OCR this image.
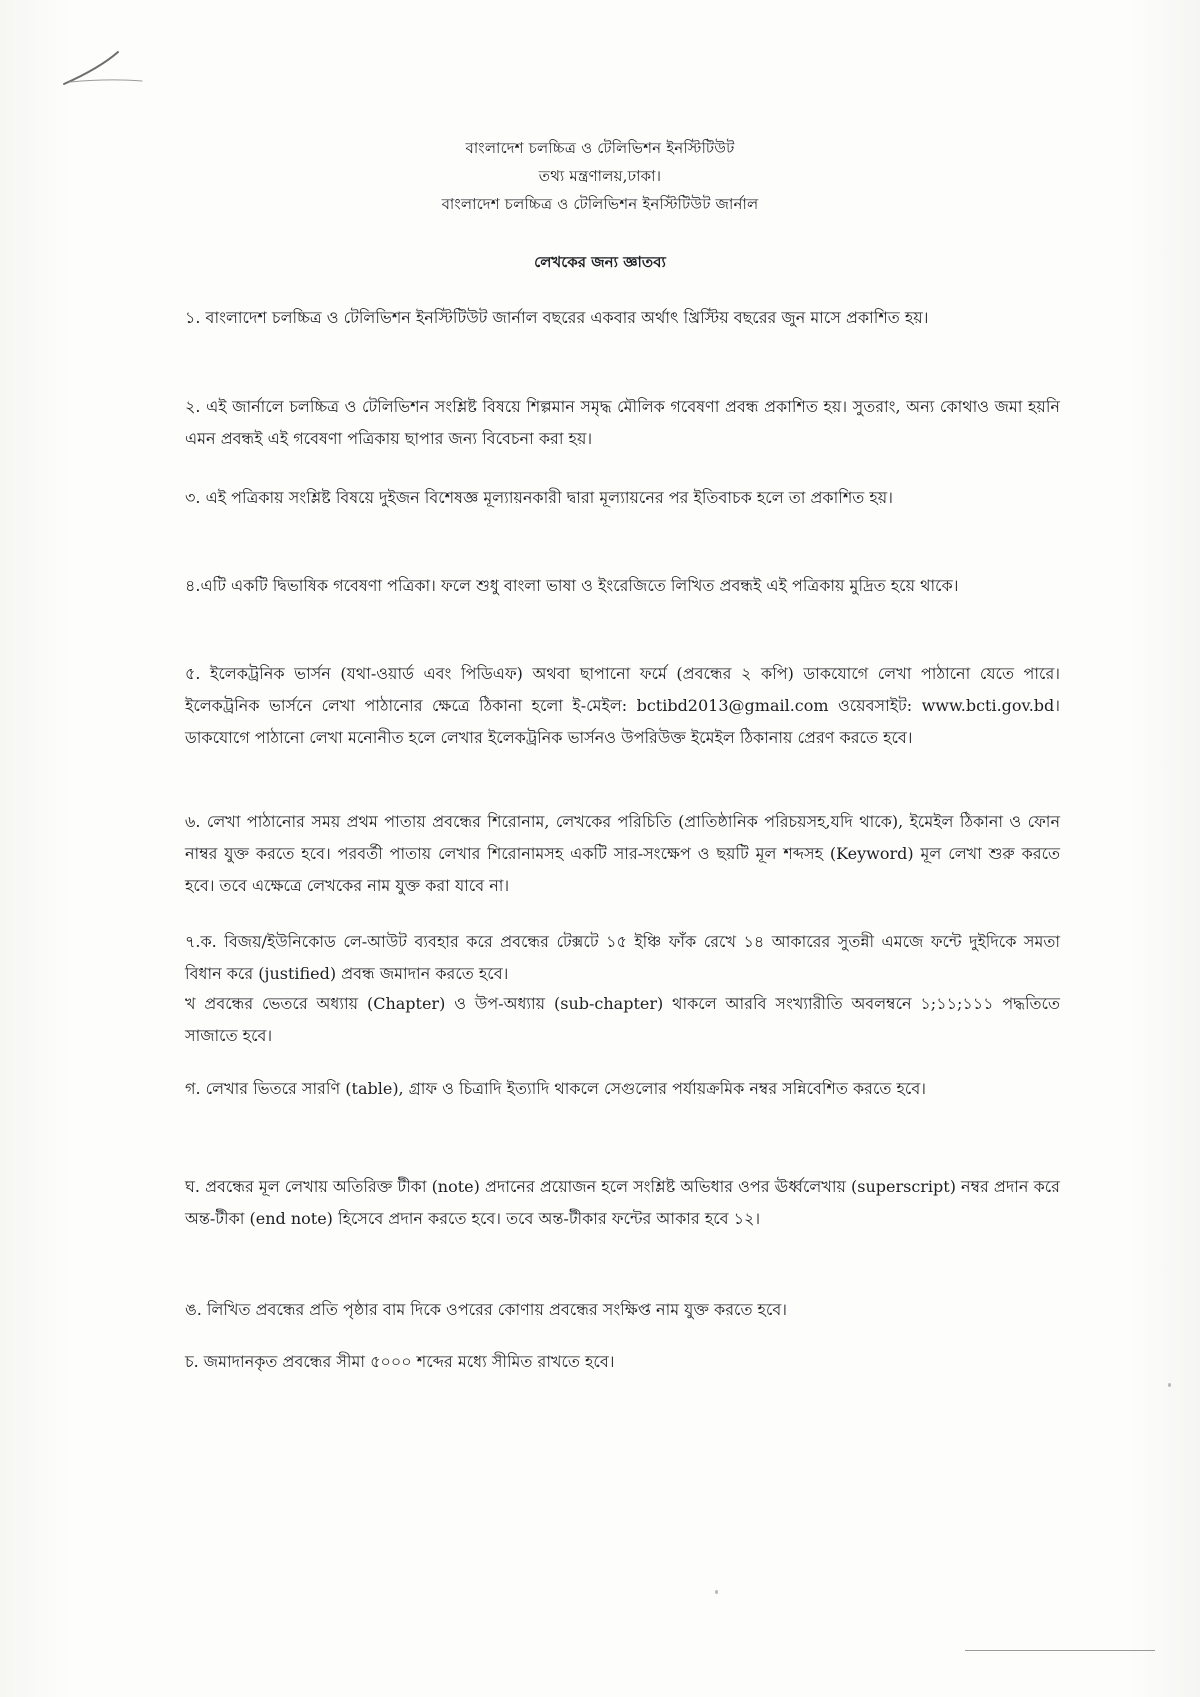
বাংলাদেশ চলচ্চিত্র ও টেলিভিশন ইনস্টিটিউট
তথ্য মন্ত্রণালয়,ঢাকা।
বাংলাদেশ চলচ্চিত্র ও টেলিভিশন ইনস্টিটিউট জার্নাল
লেখকের জন্য জ্ঞাতব্য
১. বাংলাদেশ চলচ্চিত্র ও টেলিভিশন ইনস্টিটিউট জার্নাল বছরের একবার অর্থাৎ খ্রিস্টিয় বছরের জুন মাসে প্রকাশিত হয়।
২. এই জার্নালে চলচ্চিত্র ও টেলিভিশন সংশ্লিষ্ট বিষয়ে শিল্পমান সমৃদ্ধ মৌলিক গবেষণা প্রবন্ধ প্রকাশিত হয়। সুতরাং, অন্য কোথাও জমা হয়নি এমন প্রবন্ধই এই গবেষণা পত্রিকায় ছাপার জন্য বিবেচনা করা হয়।
৩. এই পত্রিকায় সংশ্লিষ্ট বিষয়ে দুইজন বিশেষজ্ঞ মূল্যায়নকারী দ্বারা মূল্যায়নের পর ইতিবাচক হলে তা প্রকাশিত হয়।
৪.এটি একটি দ্বিভাষিক গবেষণা পত্রিকা। ফলে শুধু বাংলা ভাষা ও ইংরেজিতে লিখিত প্রবন্ধই এই পত্রিকায় মুদ্রিত হয়ে থাকে।
৫. ইলেকট্রনিক ভার্সন (যথা-ওয়ার্ড এবং পিডিএফ) অথবা ছাপানো ফর্মে (প্রবন্ধের ২ কপি) ডাকযোগে লেখা পাঠানো যেতে পারে। ইলেকট্রনিক ভার্সনে লেখা পাঠানোর ক্ষেত্রে ঠিকানা হলো ই-মেইল: bctibd2013@gmail.com ওয়েবসাইট: www.bcti.gov.bd। ডাকযোগে পাঠানো লেখা মনোনীত হলে লেখার ইলেকট্রনিক ভার্সনও উপরিউক্ত ইমেইল ঠিকানায় প্রেরণ করতে হবে।
৬. লেখা পাঠানোর সময় প্রথম পাতায় প্রবন্ধের শিরোনাম, লেখকের পরিচিতি (প্রাতিষ্ঠানিক পরিচয়সহ,যদি থাকে), ইমেইল ঠিকানা ও ফোন নাম্বর যুক্ত করতে হবে। পরবর্তী পাতায় লেখার শিরোনামসহ একটি সার-সংক্ষেপ ও ছয়টি মূল শব্দসহ (Keyword) মূল লেখা শুরু করতে হবে। তবে এক্ষেত্রে লেখকের নাম যুক্ত করা যাবে না।
৭.ক. বিজয়/ইউনিকোড লে-আউট ব্যবহার করে প্রবন্ধের টেক্সটে ১৫ ইঞ্চি ফাঁক রেখে ১৪ আকারের সুতন্নী এমজে ফন্টে দুইদিকে সমতা বিধান করে (justified) প্রবন্ধ জমাদান করতে হবে।
খ প্রবন্ধের ভেতরে অধ্যায় (Chapter) ও উপ-অধ্যায় (sub-chapter) থাকলে আরবি সংখ্যারীতি অবলম্বনে ১;১১;১১১ পদ্ধতিতে সাজাতে হবে।
গ. লেখার ভিতরে সারণি (table), গ্রাফ ও চিত্রাদি ইত্যাদি থাকলে সেগুলোর পর্যায়ক্রমিক নম্বর সন্নিবেশিত করতে হবে।
ঘ. প্রবন্ধের মূল লেখায় অতিরিক্ত টীকা (note) প্রদানের প্রয়োজন হলে সংশ্লিষ্ট অভিধার ওপর ঊর্ধ্বলেখায় (superscript) নম্বর প্রদান করে অন্ত-টীকা (end note) হিসেবে প্রদান করতে হবে। তবে অন্ত-টীকার ফন্টের আকার হবে ১২।
ঙ. লিখিত প্রবন্ধের প্রতি পৃষ্ঠার বাম দিকে ওপরের কোণায় প্রবন্ধের সংক্ষিপ্ত নাম যুক্ত করতে হবে।
চ. জমাদানকৃত প্রবন্ধের সীমা ৫০০০ শব্দের মধ্যে সীমিত রাখতে হবে।
